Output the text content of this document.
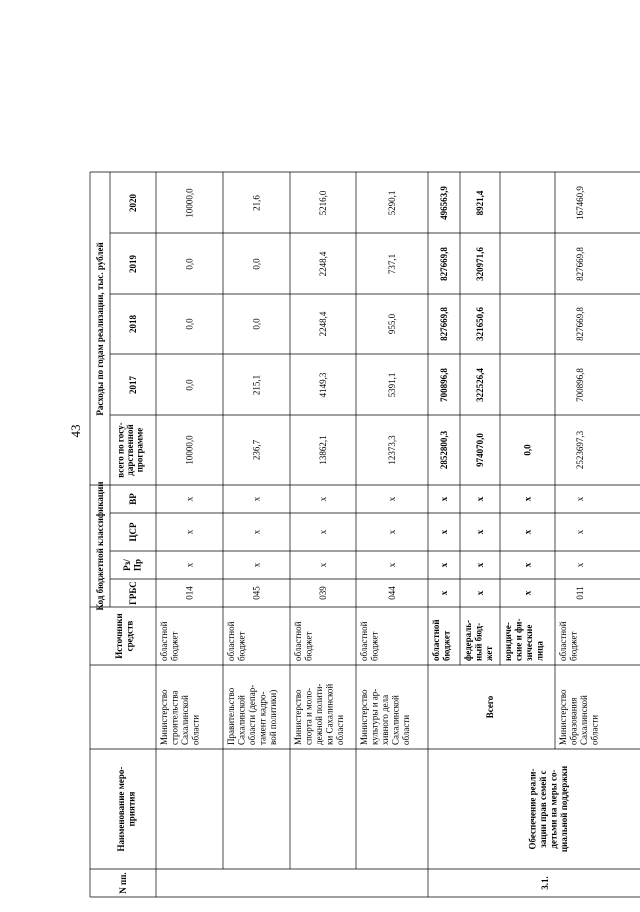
43
N пп.
Наименование меро- приятия
Источники средств
Код бюджетной классификации
Расходы по годам реализации, тыс. рублей
ГРБС
Рз/ Пр
ЦСР
ВР
всего по госу- дарственной программе
2017
2018
2019
2020
Министерство строительства Сахалинской области
областной бюджет
014
х
х
х
10000,0
0,0
0,0
0,0
10000,0
Правительство Сахалинской области (депар- тамент кадро- вой политики)
областной бюджет
045
х
х
х
236,7
215,1
0,0
0,0
21,6
Министерство спорта и моло- дежной полити- ки Сахалинской области
областной бюджет
039
х
х
х
13862,1
4149,3
2248,4
2248,4
5216,0
Министерство культуры и ар- хивного дела Сахалинской области
областной бюджет
044
х
х
х
12373,3
5391,1
955,0
737,1
5290,1
областной бюджет
х
х
х
х
2852800,3
700896,8
827669,8
827669,8
496563,9
федераль- ный бюд- жет
х
х
х
х
974070,0
322526,4
321650,6
320971,6
8921,4
юридиче- ские и фи- зические лица
х
х
х
х
0,0
Всего	Министерство образования Сахалинской области
областной бюджет
011
х
х
х
2523697,3
700896,8
827669,8
827669,8
167460,9
3.1.
Обеспечение реали- зации прав семей с детьми на меры со- циальной поддержки
